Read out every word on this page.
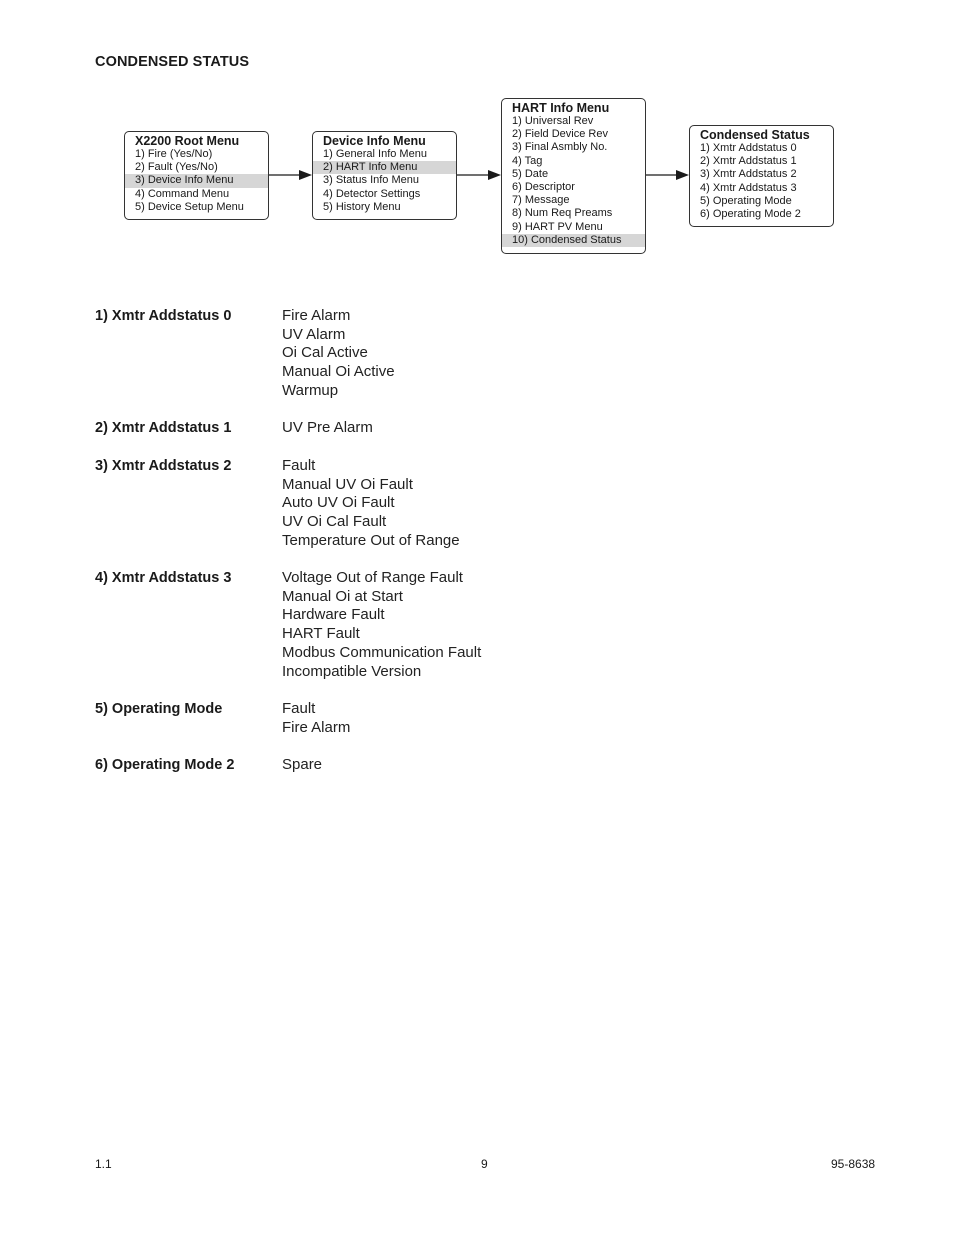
CONDENSED STATUS
X2200 Root Menu
1) Fire (Yes/No)
2) Fault (Yes/No)
3) Device Info Menu
4) Command Menu
5) Device Setup Menu
Device Info Menu
1) General Info Menu
2) HART Info Menu
3) Status Info Menu
4) Detector Settings
5) History Menu
HART Info Menu
1) Universal Rev
2) Field Device Rev
3) Final Asmbly No.
4) Tag
5) Date
6) Descriptor
7) Message
8) Num Req Preams
9) HART PV Menu
10) Condensed Status
Condensed Status
1) Xmtr Addstatus 0
2) Xmtr Addstatus 1
3) Xmtr Addstatus 2
4) Xmtr Addstatus 3
5) Operating Mode
6) Operating Mode 2
1) Xmtr Addstatus 0	Fire Alarm
UV Alarm
Oi Cal Active
Manual Oi Active
Warmup
2) Xmtr Addstatus 1	UV Pre Alarm
3) Xmtr Addstatus 2	Fault
Manual UV Oi Fault
Auto UV Oi Fault
UV Oi Cal Fault
Temperature Out of Range
4) Xmtr Addstatus 3	Voltage Out of Range Fault
Manual Oi at Start
Hardware Fault
HART Fault
Modbus Communication Fault
Incompatible Version
5) Operating Mode	Fault
Fire Alarm
6) Operating Mode 2	Spare
1.1	9	95-8638
